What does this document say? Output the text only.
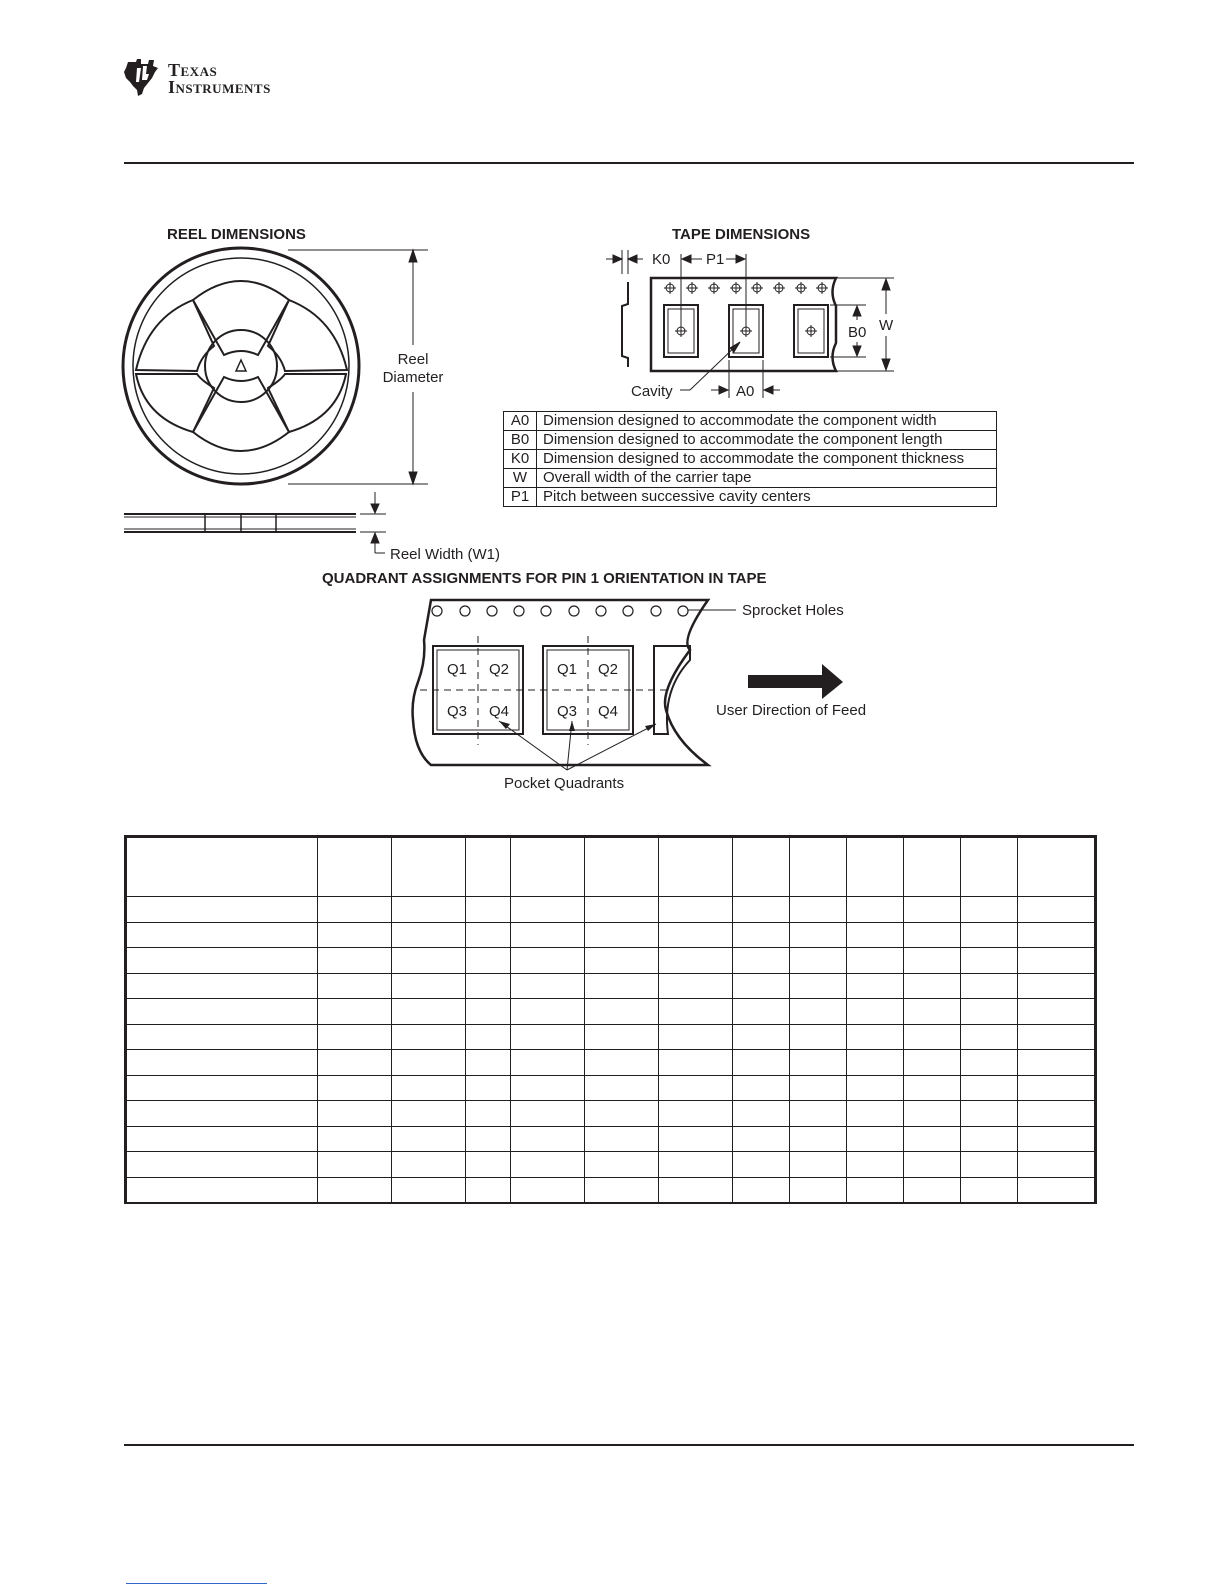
Texas
Instruments
REEL DIMENSIONS
Reel
Diameter
Reel Width (W1)
TAPE DIMENSIONS
K0 P1
B0 W
A0
Cavity
QUADRANT ASSIGNMENTS FOR PIN 1 ORIENTATION IN TAPE
Sprocket Holes
Q1 Q2
Q3 Q4
Q1 Q2
Q3 Q4	User Direction of Feed
Pocket Quadrants
A0	Dimension designed to accommodate the component width
B0	Dimension designed to accommodate the component length
K0	Dimension designed to accommodate the component thickness
W	Overall width of the carrier tape
P1	Pitch between successive cavity centers
